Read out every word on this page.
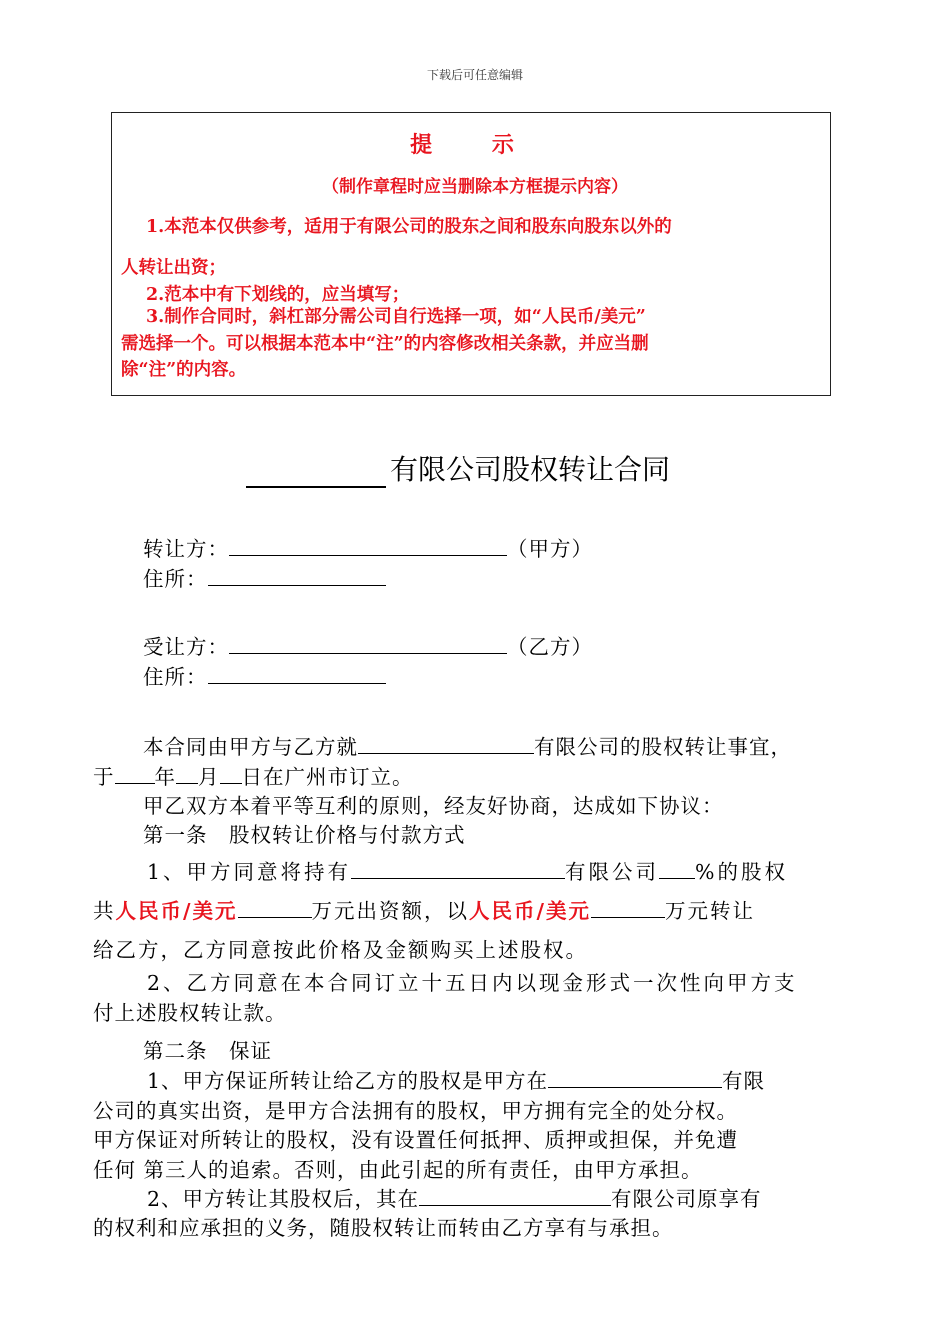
下载后可任意编辑
提 示
（制作章程时应当删除本方框提示内容）
1.本范本仅供参考，适用于有限公司的股东之间和股东向股东以外的
人转让出资；
2.范本中有下划线的，应当填写；
3.制作合同时，斜杠部分需公司自行选择一项，如“人民币/美元”
需选择一个。可以根据本范本中“注”的内容修改相关条款，并应当删
除“注”的内容。
有限公司股权转让合同
转让方：	（甲方）
住所：
受让方：	（乙方）
住所：
本合同由甲方与乙方就	有限公司的股权转让事宜，
于 年 月 日在广州市订立。
甲乙双方本着平等互利的原则，经友好协商，达成如下协议：
第一条　股权转让价格与付款方式
1、甲方同意将持有	有限公司 %的股权
共人民币/美元	万元出资额，以人民币/美元	万元转让
给乙方，乙方同意按此价格及金额购买上述股权。
2、乙方同意在本合同订立十五日内以现金形式一次性向甲方支
付上述股权转让款。
第二条　保证
1、甲方保证所转让给乙方的股权是甲方在	有限
公司的真实出资，是甲方合法拥有的股权，甲方拥有完全的处分权。
甲方保证对所转让的股权，没有设置任何抵押、质押或担保，并免遭
任何 第三人的追索。否则，由此引起的所有责任，由甲方承担。
2、甲方转让其股权后，其在	有限公司原享有
的权利和应承担的义务，随股权转让而转由乙方享有与承担。
